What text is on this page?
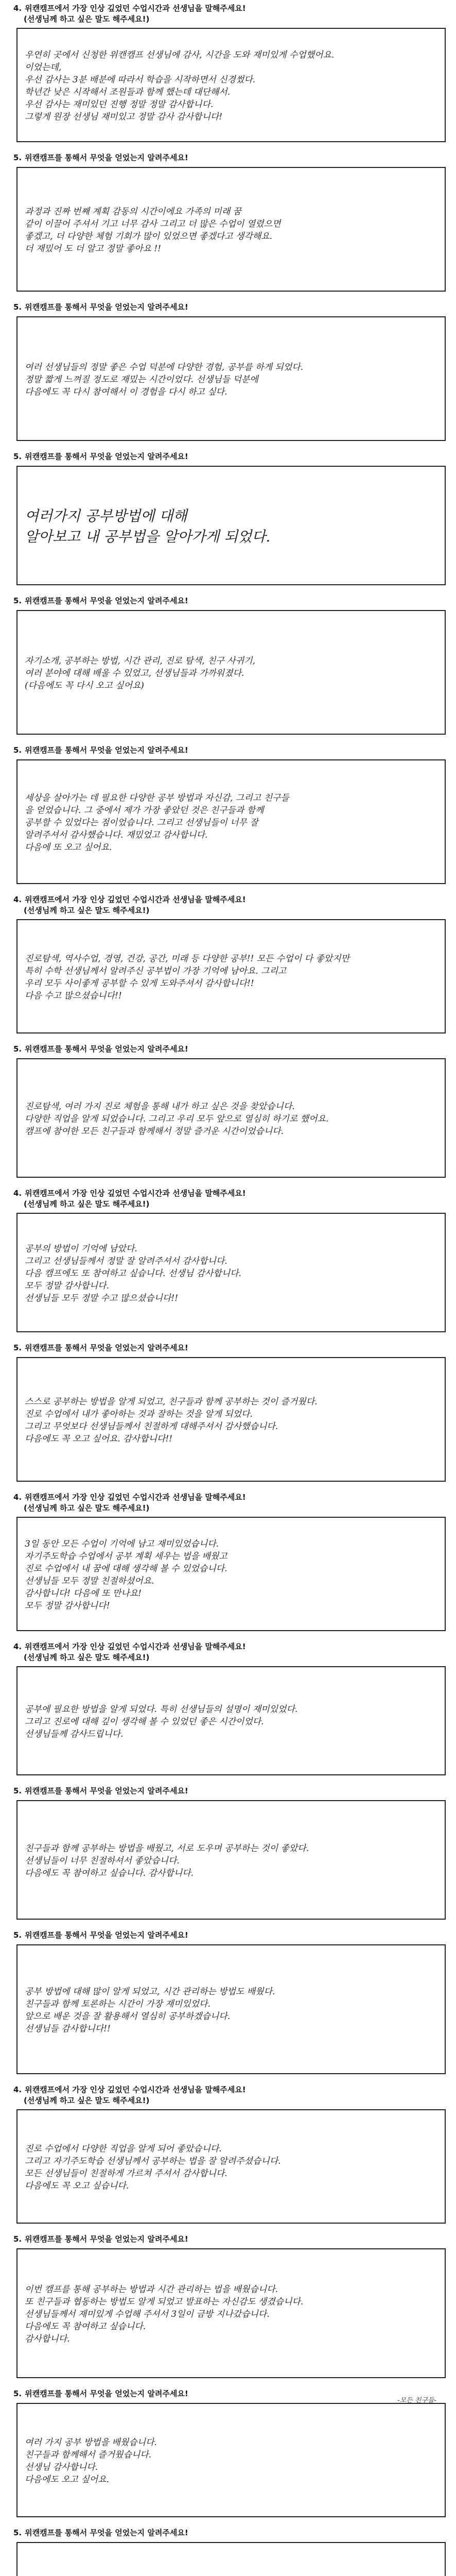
4. 위캔캠프에서 가장 인상 깊었던 수업시간과 선생님을 말해주세요!
(선생님께 하고 싶은 말도 해주세요!)
우연히 곳에서 신청한 위캔캠프 선생님에 감사, 시간을 도와 재미있게 수업했어요.
이었는데,
우선 감사는 3분 배분에 따라서 학습을 시작하면서 신경썼다.
학년간 낮은 시작해서 조원들과 함께 했는데 대단해서.
우선 감사는 재미있던 진행 정말 정말 감사합니다.
그렇게 원장 선생님 재미있고 정말 감사 감사합니다!
5. 위캔캠프를 통해서 무엇을 얻었는지 알려주세요!
과정과 진짜 번째 계획 감동의 시간이에요 가족의 미래 꿈
같이 이끌어 주셔서 기고 너무 감사 그리고 더 많은 수업이 열렸으면
좋겠고, 더 다양한 체험 기회가 많이 있었으면 좋겠다고 생각해요.
더 재밌어 도 더 알고 정말 좋아요 !!
5. 위캔캠프를 통해서 무엇을 얻었는지 알려주세요!
여러 선생님들의 정말 좋은 수업 덕분에 다양한 경험, 공부를 하게 되었다.
정말 짧게 느껴질 정도로 재밌는 시간이었다. 선생님들 덕분에
다음에도 꼭 다시 참여해서 이 경험을 다시 하고 싶다.
5. 위캔캠프를 통해서 무엇을 얻었는지 알려주세요!
여러가지 공부방법에 대해
알아보고 내 공부법을 알아가게 되었다.
5. 위캔캠프를 통해서 무엇을 얻었는지 알려주세요!
자기소개, 공부하는 방법, 시간 관리, 진로 탐색, 친구 사귀기,
여러 분야에 대해 배울 수 있었고, 선생님들과 가까워졌다.
(다음에도 꼭 다시 오고 싶어요)
5. 위캔캠프를 통해서 무엇을 얻었는지 알려주세요!
세상을 살아가는 데 필요한 다양한 공부 방법과 자신감, 그리고 친구들
을 얻었습니다. 그 중에서 제가 가장 좋았던 것은 친구들과 함께
공부할 수 있었다는 점이었습니다. 그리고 선생님들이 너무 잘
알려주셔서 감사했습니다. 재밌었고 감사합니다.
다음에 또 오고 싶어요.
4. 위캔캠프에서 가장 인상 깊었던 수업시간과 선생님을 말해주세요!
(선생님께 하고 싶은 말도 해주세요!)
진로탐색, 역사수업, 경영, 건강, 공간, 미래 등 다양한 공부!! 모든 수업이 다 좋았지만
특히 수학 선생님께서 알려주신 공부법이 가장 기억에 남아요. 그리고
우리 모두 사이좋게 공부할 수 있게 도와주셔서 감사합니다!!
다음 수고 많으셨습니다!!
5. 위캔캠프를 통해서 무엇을 얻었는지 알려주세요!
진로탐색, 여러 가지 진로 체험을 통해 내가 하고 싶은 것을 찾았습니다.
다양한 직업을 알게 되었습니다. 그리고 우리 모두 앞으로 열심히 하기로 했어요.
캠프에 참여한 모든 친구들과 함께해서 정말 즐거운 시간이었습니다.
4. 위캔캠프에서 가장 인상 깊었던 수업시간과 선생님을 말해주세요!
(선생님께 하고 싶은 말도 해주세요!)
공부의 방법이 기억에 남았다.
그리고 선생님들께서 정말 잘 알려주셔서 감사합니다.
다음 캠프에도 또 참여하고 싶습니다. 선생님 감사합니다.
모두 정말 감사합니다.
선생님들 모두 정말 수고 많으셨습니다!!
5. 위캔캠프를 통해서 무엇을 얻었는지 알려주세요!
스스로 공부하는 방법을 알게 되었고, 친구들과 함께 공부하는 것이 즐거웠다.
진로 수업에서 내가 좋아하는 것과 잘하는 것을 알게 되었다.
그리고 무엇보다 선생님들께서 친절하게 대해주셔서 감사했습니다.
다음에도 꼭 오고 싶어요. 감사합니다!!
4. 위캔캠프에서 가장 인상 깊었던 수업시간과 선생님을 말해주세요!
(선생님께 하고 싶은 말도 해주세요!)
3일 동안 모든 수업이 기억에 남고 재미있었습니다.
자기주도학습 수업에서 공부 계획 세우는 법을 배웠고
진로 수업에서 내 꿈에 대해 생각해 볼 수 있었습니다.
선생님들 모두 정말 친절하셨어요.
감사합니다! 다음에 또 만나요!
모두 정말 감사합니다!
4. 위캔캠프에서 가장 인상 깊었던 수업시간과 선생님을 말해주세요!
(선생님께 하고 싶은 말도 해주세요!)
공부에 필요한 방법을 알게 되었다. 특히 선생님들의 설명이 재미있었다.
그리고 진로에 대해 깊이 생각해 볼 수 있었던 좋은 시간이었다.
선생님들께 감사드립니다.
5. 위캔캠프를 통해서 무엇을 얻었는지 알려주세요!
친구들과 함께 공부하는 방법을 배웠고, 서로 도우며 공부하는 것이 좋았다.
선생님들이 너무 친절하셔서 좋았습니다.
다음에도 꼭 참여하고 싶습니다. 감사합니다.
5. 위캔캠프를 통해서 무엇을 얻었는지 알려주세요!
공부 방법에 대해 많이 알게 되었고, 시간 관리하는 방법도 배웠다.
친구들과 함께 토론하는 시간이 가장 재미있었다.
앞으로 배운 것을 잘 활용해서 열심히 공부하겠습니다.
선생님들 감사합니다!!
4. 위캔캠프에서 가장 인상 깊었던 수업시간과 선생님을 말해주세요!
(선생님께 하고 싶은 말도 해주세요!)
진로 수업에서 다양한 직업을 알게 되어 좋았습니다.
그리고 자기주도학습 선생님께서 공부하는 법을 잘 알려주셨습니다.
모든 선생님들이 친절하게 가르쳐 주셔서 감사합니다.
다음에도 꼭 오고 싶습니다.
5. 위캔캠프를 통해서 무엇을 얻었는지 알려주세요!
이번 캠프를 통해 공부하는 방법과 시간 관리하는 법을 배웠습니다.
또 친구들과 협동하는 방법도 알게 되었고 발표하는 자신감도 생겼습니다.
선생님들께서 재미있게 수업해 주셔서 3일이 금방 지나갔습니다.
다음에도 꼭 참여하고 싶습니다.
감사합니다.
5. 위캔캠프를 통해서 무엇을 얻었는지 알려주세요!
여러 가지 공부 방법을 배웠습니다.
친구들과 함께해서 즐거웠습니다.
선생님 감사합니다.
다음에도 오고 싶어요.
-모든 친구들-
5. 위캔캠프를 통해서 무엇을 얻었는지 알려주세요!
